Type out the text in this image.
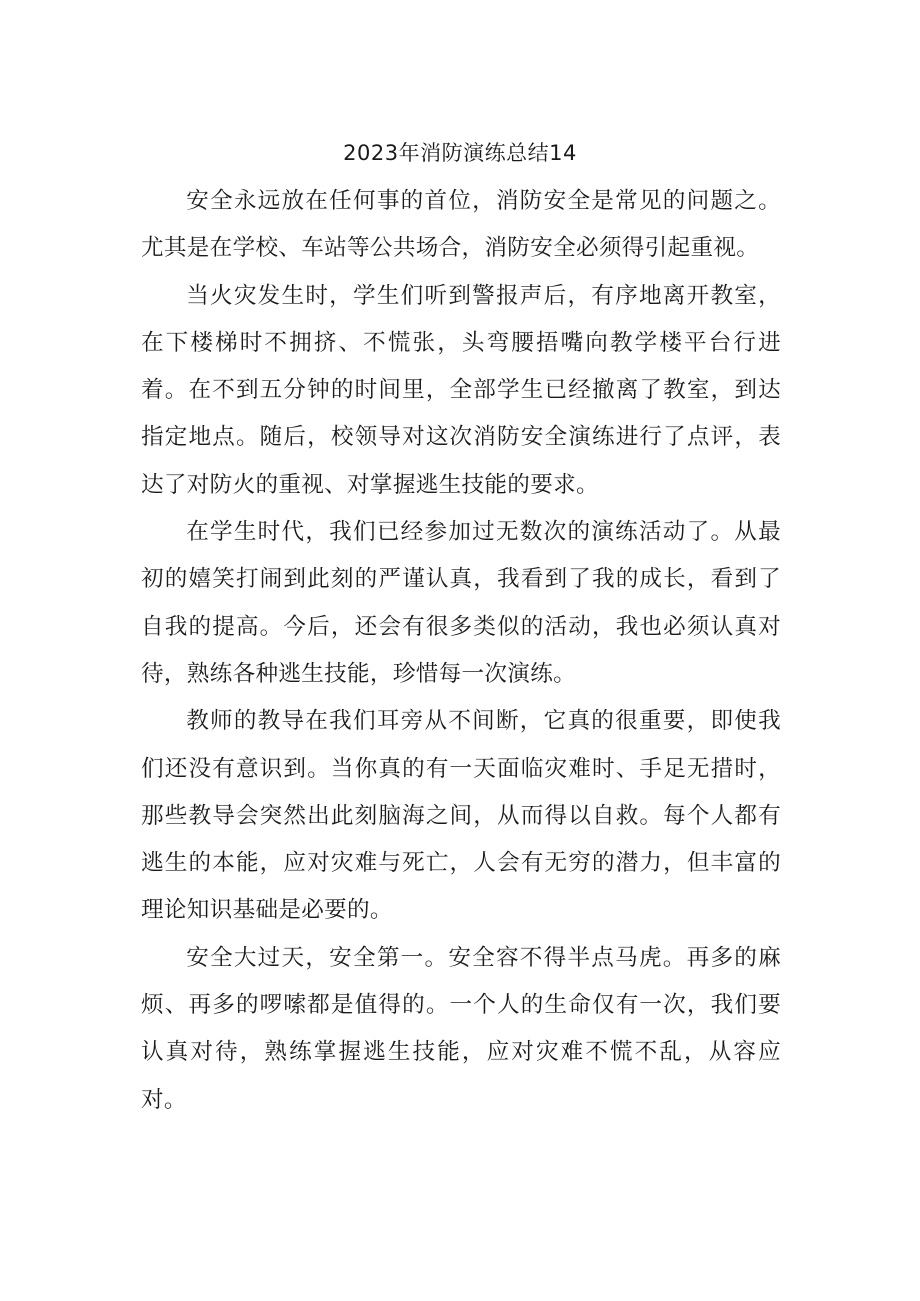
2023年消防演练总结14

安全永远放在任何事的首位，消防安全是常见的问题之。尤其是在学校、车站等公共场合，消防安全必须得引起重视。

当火灾发生时，学生们听到警报声后，有序地离开教室，在下楼梯时不拥挤、不慌张，头弯腰捂嘴向教学楼平台行进着。在不到五分钟的时间里，全部学生已经撤离了教室，到达指定地点。随后，校领导对这次消防安全演练进行了点评，表达了对防火的重视、对掌握逃生技能的要求。

在学生时代，我们已经参加过无数次的演练活动了。从最初的嬉笑打闹到此刻的严谨认真，我看到了我的成长，看到了自我的提高。今后，还会有很多类似的活动，我也必须认真对待，熟练各种逃生技能，珍惜每一次演练。

教师的教导在我们耳旁从不间断，它真的很重要，即使我们还没有意识到。当你真的有一天面临灾难时、手足无措时，那些教导会突然出此刻脑海之间，从而得以自救。每个人都有逃生的本能，应对灾难与死亡，人会有无穷的潜力，但丰富的理论知识基础是必要的。

安全大过天，安全第一。安全容不得半点马虎。再多的麻烦、再多的啰嗦都是值得的。一个人的生命仅有一次，我们要认真对待，熟练掌握逃生技能，应对灾难不慌不乱，从容应对。
